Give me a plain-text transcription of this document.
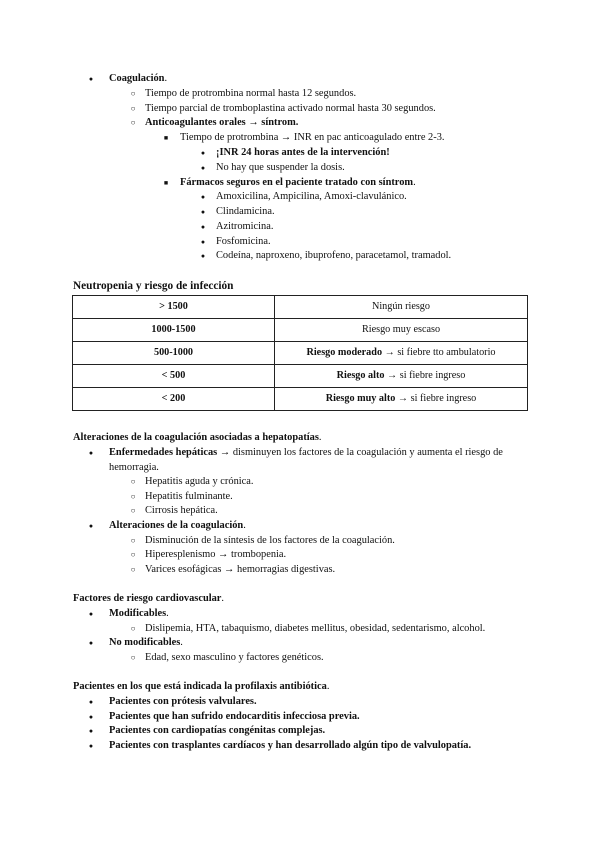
●
Coagulación.
○
Tiempo de protrombina normal hasta 12 segundos.
○
Tiempo parcial de tromboplastina activado normal hasta 30 segundos.
○
Anticoagulantes orales → síntrom.
■
Tiempo de protrombina → INR en pac anticoagulado entre 2-3.
●
¡INR 24 horas antes de la intervención!
●
No hay que suspender la dosis.
■
Fármacos seguros en el paciente tratado con síntrom.
●
Amoxicilina, Ampicilina, Amoxi-clavulánico.
●
Clindamicina.
●
Azitromicina.
●
Fosfomicina.
●
Codeína, naproxeno, ibuprofeno, paracetamol, tramadol.
Neutropenia y riesgo de infección
> 1500	Ningún riesgo
1000-1500	Riesgo muy escaso
500-1000	Riesgo moderado → si fiebre tto ambulatorio
< 500	Riesgo alto → si fiebre ingreso
< 200	Riesgo muy alto → si fiebre ingreso
Alteraciones de la coagulación asociadas a hepatopatías.
●
Enfermedades hepáticas → disminuyen los factores de la coagulación y aumenta el riesgo de hemorragia.
○
Hepatitis aguda y crónica.
○
Hepatitis fulminante.
○
Cirrosis hepática.
●
Alteraciones de la coagulación.
○
Disminución de la síntesis de los factores de la coagulación.
○
Hiperesplenismo → trombopenia.
○
Varices esofágicas → hemorragias digestivas.
Factores de riesgo cardiovascular.
●
Modificables.
○
Dislipemia, HTA, tabaquismo, diabetes mellitus, obesidad, sedentarismo, alcohol.
●
No modificables.
○
Edad, sexo masculino y factores genéticos.
Pacientes en los que está indicada la profilaxis antibiótica.
●
Pacientes con prótesis valvulares.
●
Pacientes que han sufrido endocarditis infecciosa previa.
●
Pacientes con cardiopatías congénitas complejas.
●
Pacientes con trasplantes cardíacos y han desarrollado algún tipo de valvulopatía.
